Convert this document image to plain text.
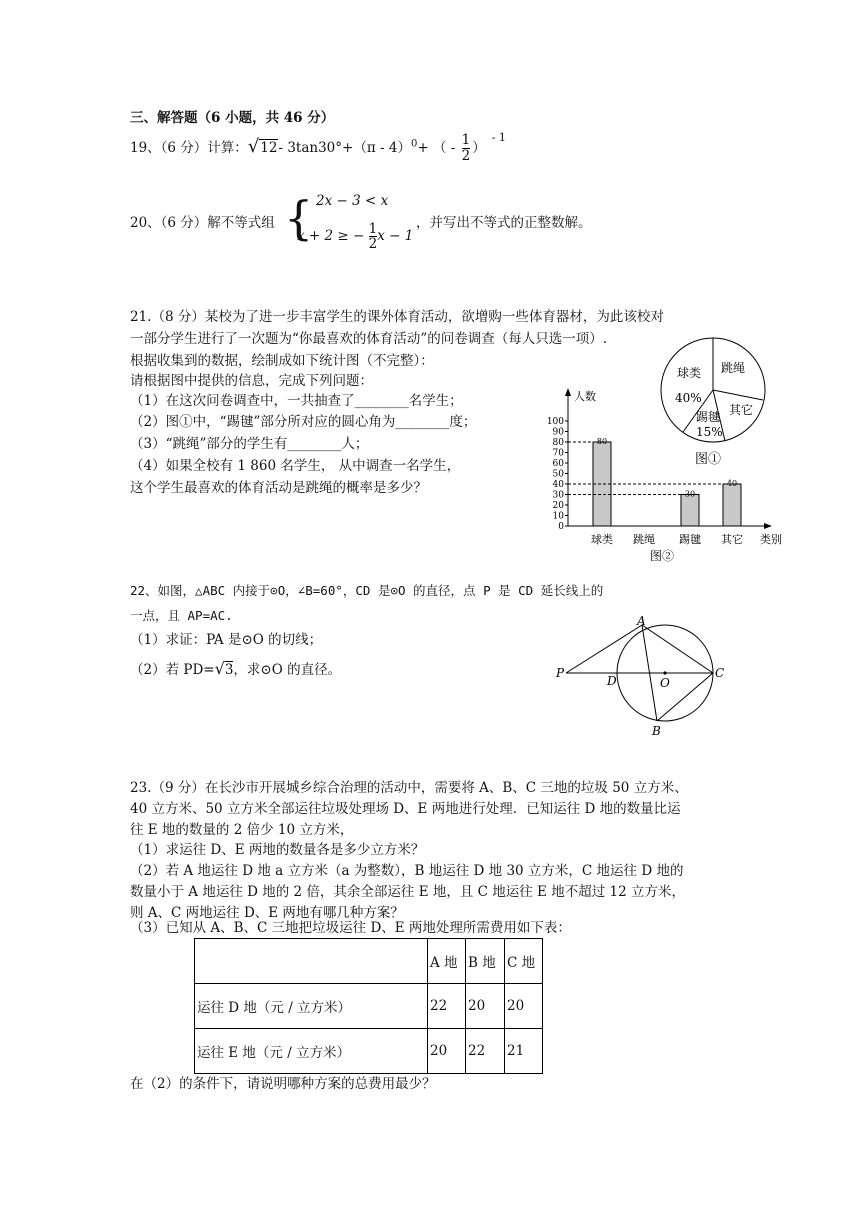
三、解答题（6 小题，共 46 分）
19、（6 分）计算：√12- 3tan30°+（π - 4）$^0$+ （ - $\frac{1}{2} )^{- 1}$
20、（6 分）解不等式组 { 2x − 3 < x
x + 2 ≥ − $\frac{1}{2}$ x − 1
，并写出不等式的正整数解。
21.（8 分）某校为了进一步丰富学生的课外体育活动，欲增购一些体育器材，为此该校对
一部分学生进行了一次题为“你最喜欢的体育活动”的问卷调查（每人只选一项）.
根据收集到的数据，绘制成如下统计图（不完整）：
请根据图中提供的信息，完成下列问题：
（1）在这次问卷调查中，一共抽查了________名学生；
（2）图①中，“踢毽”部分所对应的圆心角为________度；
（3）“跳绳”部分的学生有________人；
（4）如果全校有 1 860 名学生， 从中调查一名学生，
这个学生最喜欢的体育活动是跳绳的概率是多少？
球类
40%
跳绳
其它
踢毽
15%
图①
人数
类别
图②
0
10
20
30
40
50
60
70
80
90
100
球类
80
跳绳 踢毽
30
其它
40
22、如图，△ABC 内接于⊙O，∠B=60°，CD 是⊙O 的直径，点 P 是 CD 延长线上的
一点，且 AP=AC.
（1）求证：PA 是⊙O 的切线；
（2）若 PD=√3，求⊙O 的直径。
A
B
C
D	O
P
23.（9 分）在长沙市开展城乡综合治理的活动中，需要将 A、B、C 三地的垃圾 50 立方米、
40 立方米、50 立方米全部运往垃圾处理场 D、E 两地进行处理．已知运往 D 地的数量比运
往 E 地的数量的 2 倍少 10 立方米，
（1）求运往 D、E 两地的数量各是多少立方米？
（2）若 A 地运往 D 地 a 立方米（a 为整数），B 地运往 D 地 30 立方米，C 地运往 D 地的
数量小于 A 地运往 D 地的 2 倍，其余全部运往 E 地，且 C 地运往 E 地不超过 12 立方米，
则 A、C 两地运往 D、E 两地有哪几种方案？
（3）已知从 A、B、C 三地把垃圾运往 D、E 两地处理所需费用如下表：
	A 地	B 地	C 地
运往 D 地（元 / 立方米）	22	20	20
运往 E 地（元 / 立方米）	20	22	21
在（2）的条件下，请说明哪种方案的总费用最少？
